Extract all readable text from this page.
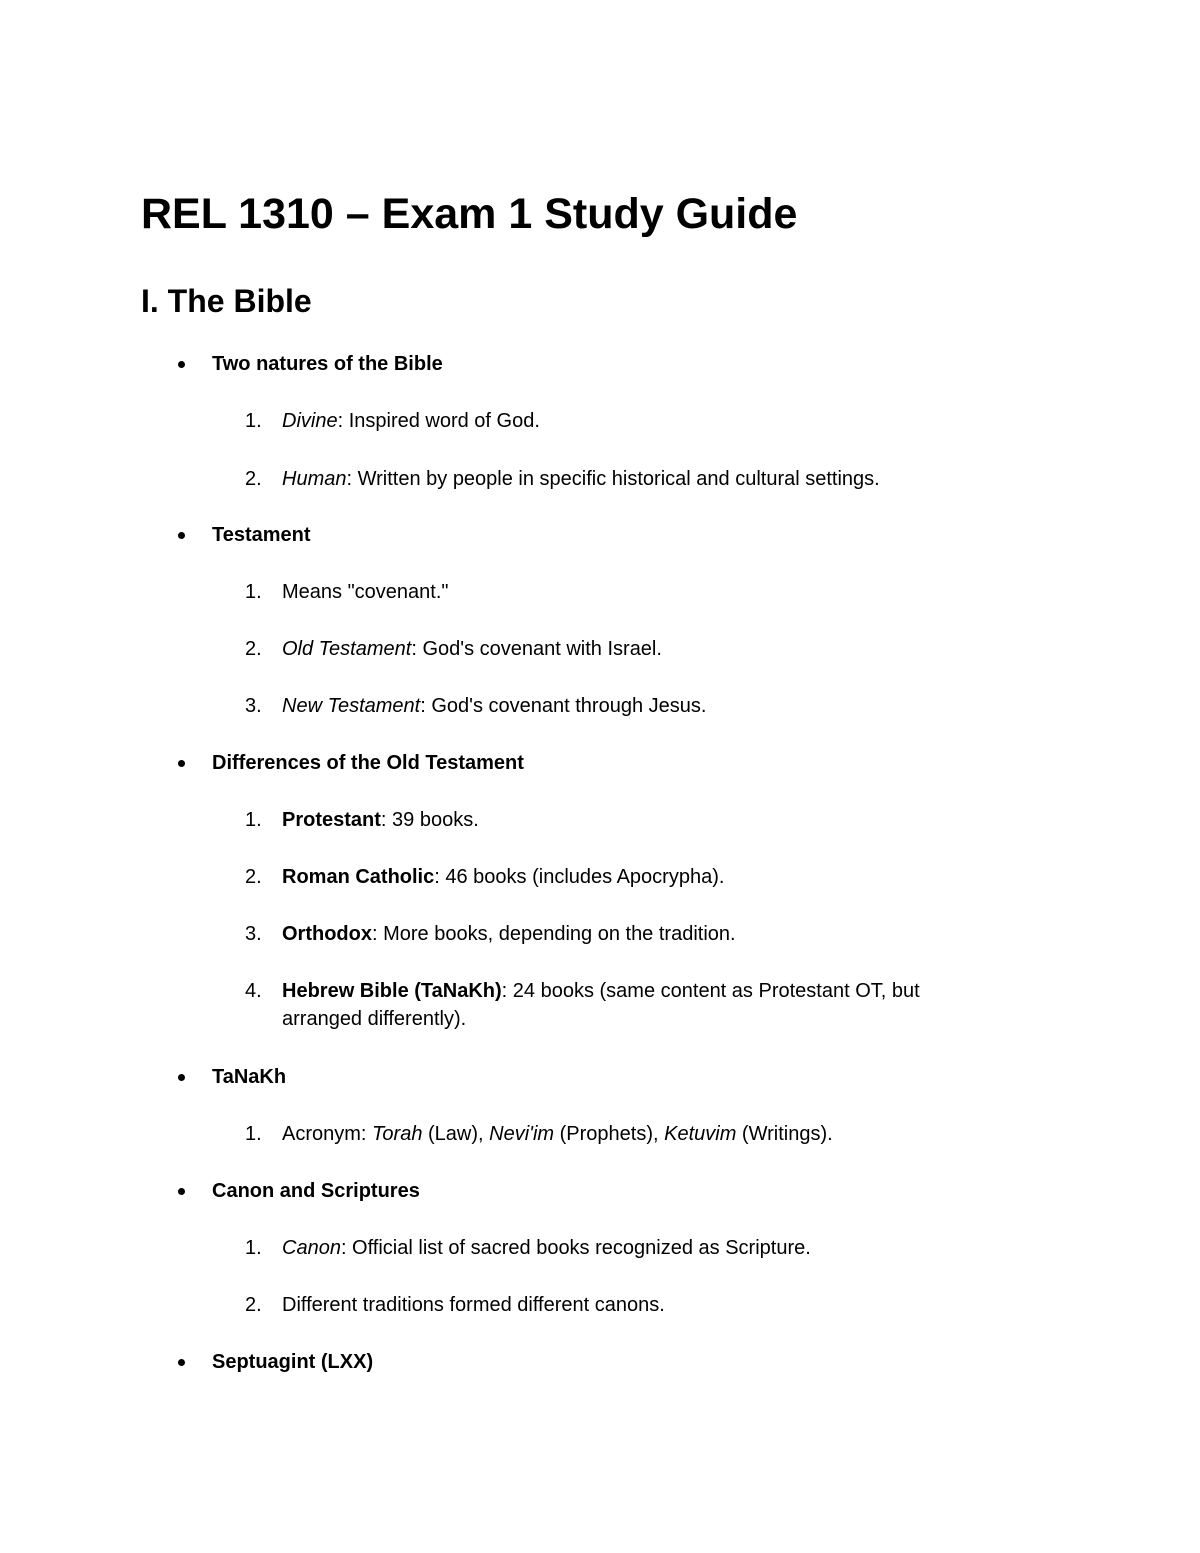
REL 1310 – Exam 1 Study Guide
I. The Bible
Two natures of the Bible
1. Divine: Inspired word of God.
2. Human: Written by people in specific historical and cultural settings.
Testament
1. Means "covenant."
2. Old Testament: God's covenant with Israel.
3. New Testament: God's covenant through Jesus.
Differences of the Old Testament
1. Protestant: 39 books.
2. Roman Catholic: 46 books (includes Apocrypha).
3. Orthodox: More books, depending on the tradition.
4. Hebrew Bible (TaNaKh): 24 books (same content as Protestant OT, but arranged differently).
TaNaKh
1. Acronym: Torah (Law), Nevi'im (Prophets), Ketuvim (Writings).
Canon and Scriptures
1. Canon: Official list of sacred books recognized as Scripture.
2. Different traditions formed different canons.
Septuagint (LXX)
